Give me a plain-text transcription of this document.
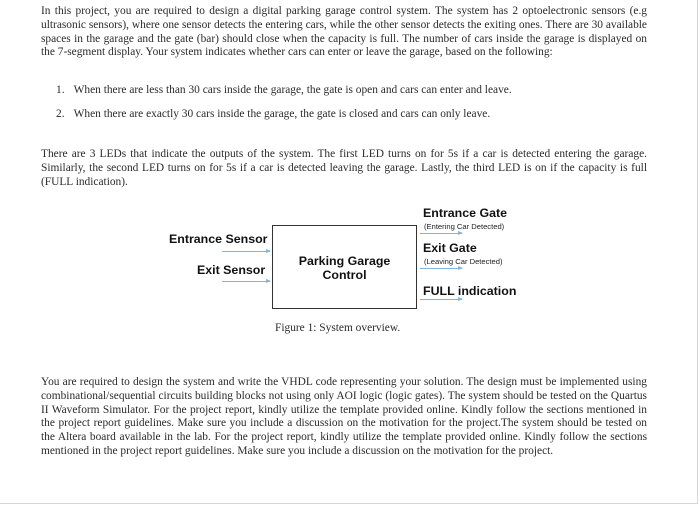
In this project, you are required to design a digital parking garage control system. The system has 2 optoelectronic sensors (e.g ultrasonic sensors), where one sensor detects the entering cars, while the other sensor detects the exiting ones. There are 30 available spaces in the garage and the gate (bar) should close when the capacity is full. The number of cars inside the garage is displayed on the 7-segment display. Your system indicates whether cars can enter or leave the garage, based on the following:
1. When there are less than 30 cars inside the garage, the gate is open and cars can enter and leave.
2. When there are exactly 30 cars inside the garage, the gate is closed and cars can only leave.
There are 3 LEDs that indicate the outputs of the system. The first LED turns on for 5s if a car is detected entering the garage. Similarly, the second LED turns on for 5s if a car is detected leaving the garage. Lastly, the third LED is on if the capacity is full (FULL indication).
Entrance Sensor
Exit Sensor
Parking Garage
Control
Entrance Gate
(Entering Car Detected)
Exit Gate
(Leaving Car Detected)
FULL indication
Figure 1: System overview.
You are required to design the system and write the VHDL code representing your solution. The design must be implemented using combinational/sequential circuits building blocks not using only AOI logic (logic gates). The system should be tested on the Quartus II Waveform Simulator. For the project report, kindly utilize the template provided online. Kindly follow the sections mentioned in the project report guidelines. Make sure you include a discussion on the motivation for the project.The system should be tested on the Altera board available in the lab. For the project report, kindly utilize the template provided online. Kindly follow the sections mentioned in the project report guidelines. Make sure you include a discussion on the motivation for the project.
